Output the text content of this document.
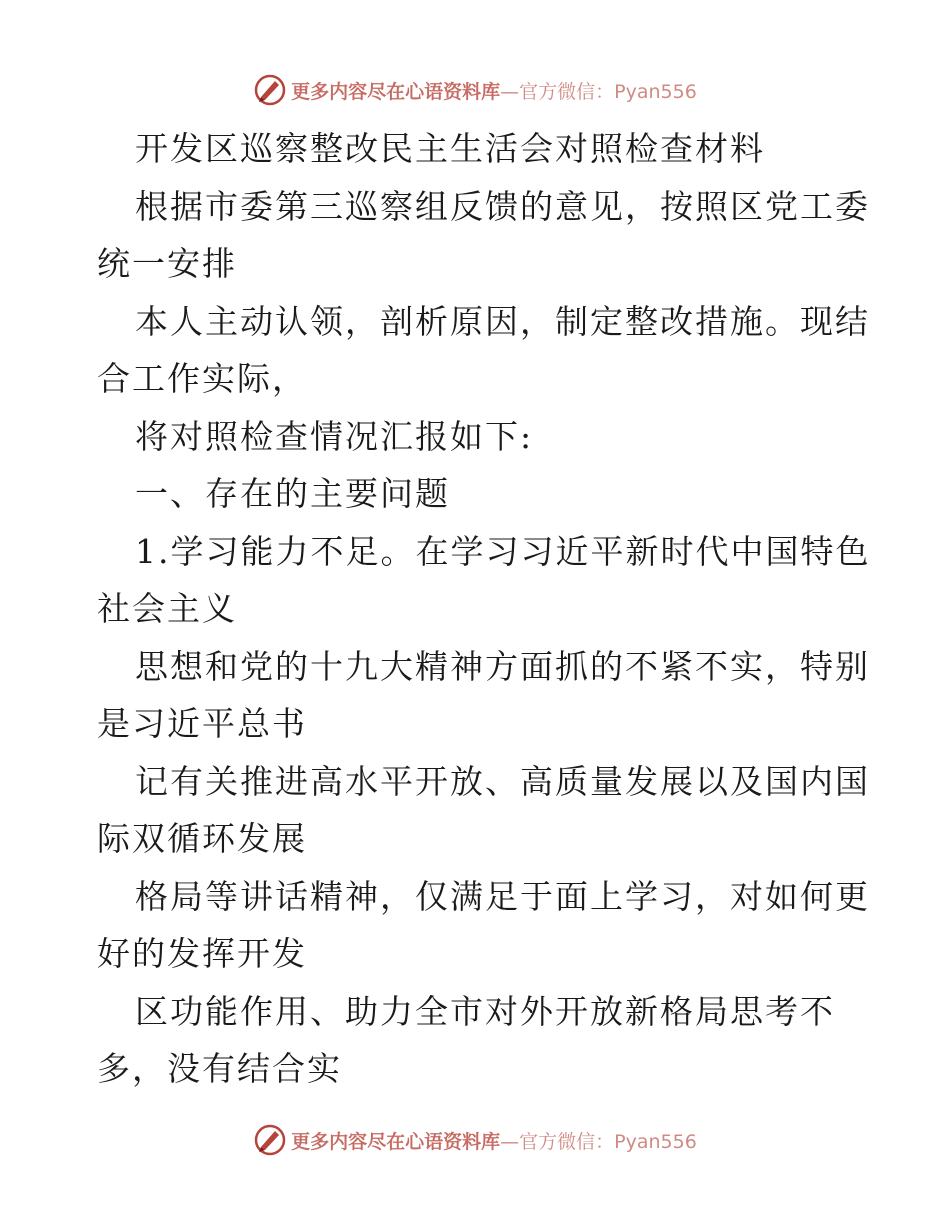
更多内容尽在心语资料库 —官方微信：Pyan556
开发区巡察整改民主生活会对照检查材料
根据市委第三巡察组反馈的意见，按照区党工委
统一安排
本人主动认领，剖析原因，制定整改措施。现结
合工作实际，
将对照检查情况汇报如下:
一、存在的主要问题
1.学习能力不足。在学习习近平新时代中国特色
社会主义
思想和党的十九大精神方面抓的不紧不实，特别
是习近平总书
记有关推进高水平开放、高质量发展以及国内国
际双循环发展
格局等讲话精神，仅满足于面上学习，对如何更
好的发挥开发
区功能作用、助力全市对外开放新格局思考不
多，没有结合实
更多内容尽在心语资料库 —官方微信：Pyan556
